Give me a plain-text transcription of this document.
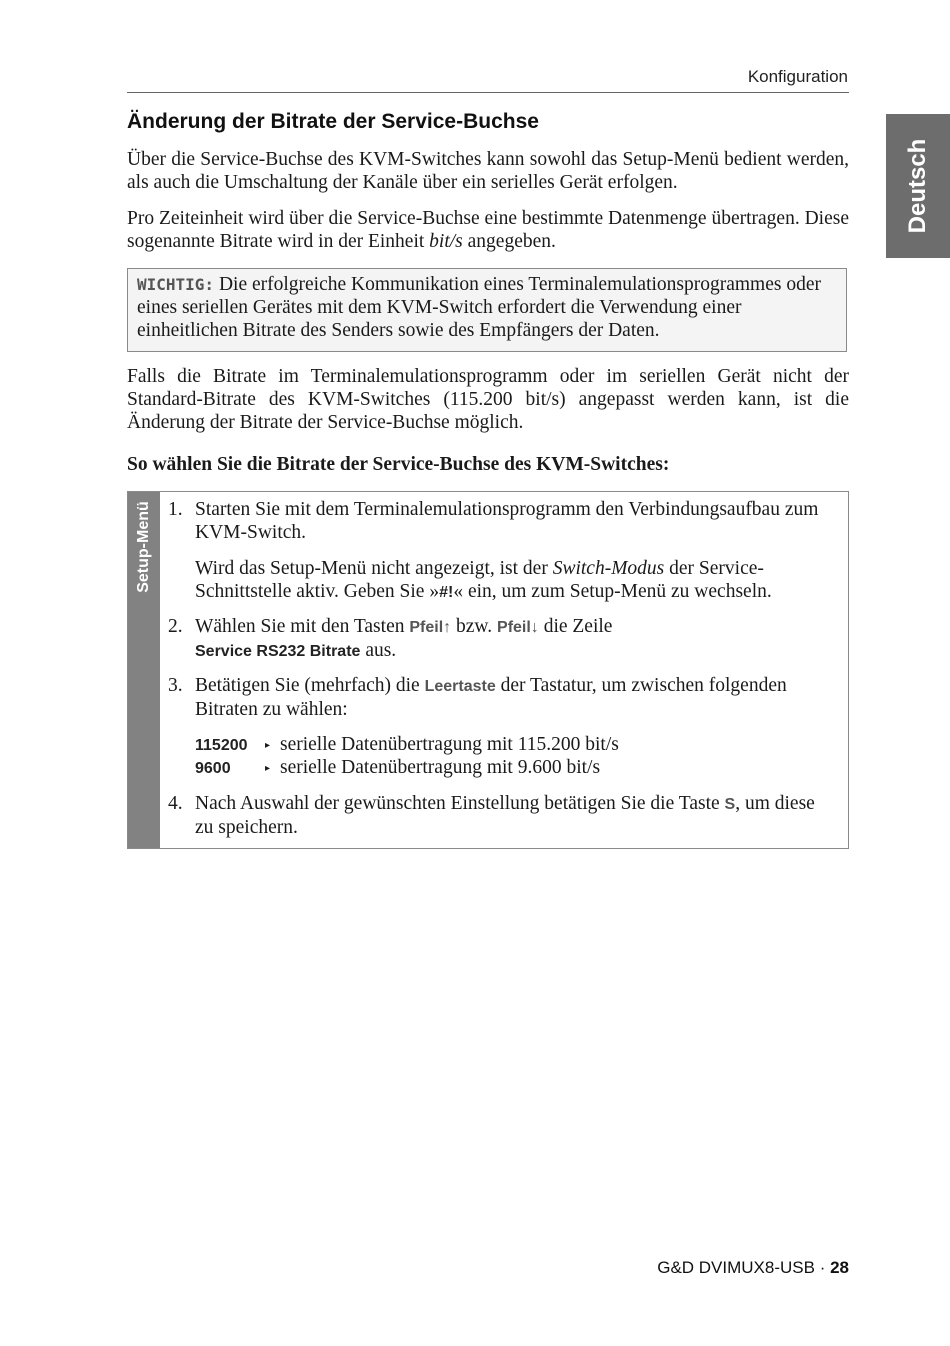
Konfiguration
Deutsch
Änderung der Bitrate der Service-Buchse

Über die Service-Buchse des KVM-Switches kann sowohl das Setup-Menü bedient werden, als auch die Umschaltung der Kanäle über ein serielles Gerät erfolgen.

Pro Zeiteinheit wird über die Service-Buchse eine bestimmte Datenmenge übertragen. Diese sogenannte Bitrate wird in der Einheit bit/s angegeben.

WICHTIG: Die erfolgreiche Kommunikation eines Terminalemulationsprogrammes oder eines seriellen Gerätes mit dem KVM-Switch erfordert die Verwendung einer einheitlichen Bitrate des Senders sowie des Empfängers der Daten.

Falls die Bitrate im Terminalemulationsprogramm oder im seriellen Gerät nicht der Standard-Bitrate des KVM-Switches (115.200 bit/s) angepasst werden kann, ist die Änderung der Bitrate der Service-Buchse möglich.

So wählen Sie die Bitrate der Service-Buchse des KVM-Switches:

Setup-Menü 1. Starten Sie mit dem Terminalemulationsprogramm den Verbindungsaufbau zum KVM-Switch.
Wird das Setup-Menü nicht angezeigt, ist der Switch-Modus der Service-Schnittstelle aktiv. Geben Sie »#!« ein, um zum Setup-Menü zu wechseln.
2. Wählen Sie mit den Tasten Pfeil↑ bzw. Pfeil↓ die Zeile
Service RS232 Bitrate aus.
3. Betätigen Sie (mehrfach) die Leertaste der Tastatur, um zwischen folgenden Bitraten zu wählen:
115200 ▸ serielle Datenübertragung mit 115.200 bit/s
9600	▸ serielle Datenübertragung mit 9.600 bit/s
4. Nach Auswahl der gewünschten Einstellung betätigen Sie die Taste S, um diese zu speichern.
G&D DVIMUX8-USB · 28
